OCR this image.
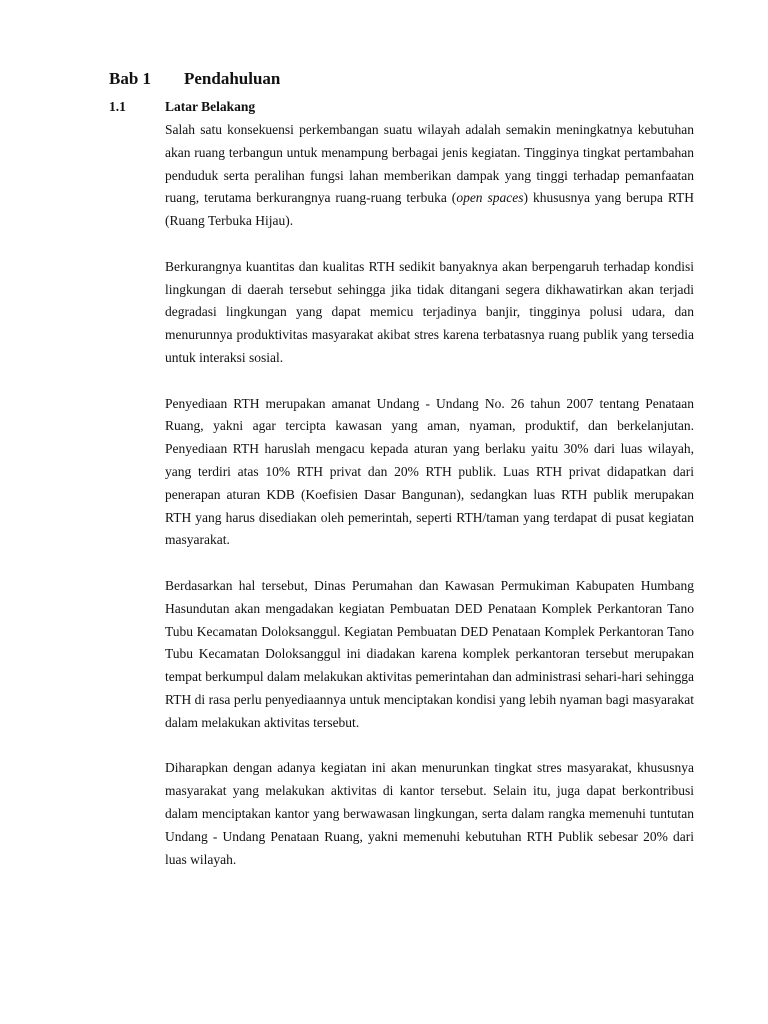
Bab 1 Pendahuluan
1.1	Latar Belakang

Salah satu konsekuensi perkembangan suatu wilayah adalah semakin meningkatnya kebutuhan akan ruang terbangun untuk menampung berbagai jenis kegiatan. Tingginya tingkat pertambahan penduduk serta peralihan fungsi lahan memberikan dampak yang tinggi terhadap pemanfaatan ruang, terutama berkurangnya ruang-ruang terbuka (open spaces) khususnya yang berupa RTH (Ruang Terbuka Hijau).

Berkurangnya kuantitas dan kualitas RTH sedikit banyaknya akan berpengaruh terhadap kondisi lingkungan di daerah tersebut sehingga jika tidak ditangani segera dikhawatirkan akan terjadi degradasi lingkungan yang dapat memicu terjadinya banjir, tingginya polusi udara, dan menurunnya produktivitas masyarakat akibat stres karena terbatasnya ruang publik yang tersedia untuk interaksi sosial.

Penyediaan RTH merupakan amanat Undang - Undang No. 26 tahun 2007 tentang Penataan Ruang, yakni agar tercipta kawasan yang aman, nyaman, produktif, dan berkelanjutan. Penyediaan RTH haruslah mengacu kepada aturan yang berlaku yaitu 30% dari luas wilayah, yang terdiri atas 10% RTH privat dan 20% RTH publik. Luas RTH privat didapatkan dari penerapan aturan KDB (Koefisien Dasar Bangunan), sedangkan luas RTH publik merupakan RTH yang harus disediakan oleh pemerintah, seperti RTH/taman yang terdapat di pusat kegiatan masyarakat.

Berdasarkan hal tersebut, Dinas Perumahan dan Kawasan Permukiman Kabupaten Humbang Hasundutan akan mengadakan kegiatan Pembuatan DED Penataan Komplek Perkantoran Tano Tubu Kecamatan Doloksanggul. Kegiatan Pembuatan DED Penataan Komplek Perkantoran Tano Tubu Kecamatan Doloksanggul ini diadakan karena komplek perkantoran tersebut merupakan tempat berkumpul dalam melakukan aktivitas pemerintahan dan administrasi sehari-hari sehingga RTH di rasa perlu penyediaannya untuk menciptakan kondisi yang lebih nyaman bagi masyarakat dalam melakukan aktivitas tersebut.

Diharapkan dengan adanya kegiatan ini akan menurunkan tingkat stres masyarakat, khususnya masyarakat yang melakukan aktivitas di kantor tersebut. Selain itu, juga dapat berkontribusi dalam menciptakan kantor yang berwawasan lingkungan, serta dalam rangka memenuhi tuntutan Undang - Undang Penataan Ruang, yakni memenuhi kebutuhan RTH Publik sebesar 20% dari luas wilayah.
